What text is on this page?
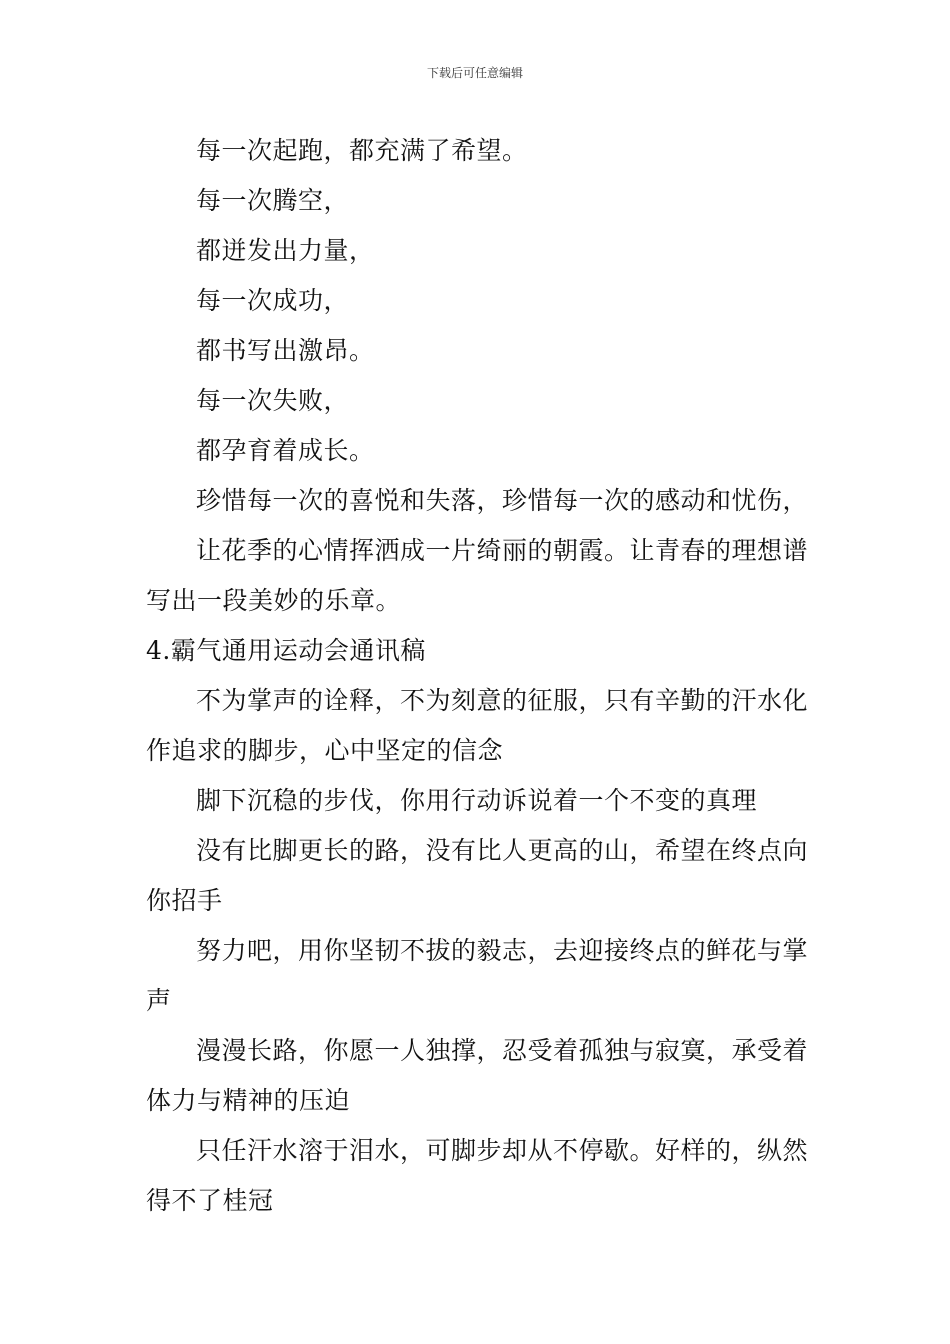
下载后可任意编辑

每一次起跑，都充满了希望。

每一次腾空，

都迸发出力量，

每一次成功，

都书写出激昂。

每一次失败，

都孕育着成长。

珍惜每一次的喜悦和失落，珍惜每一次的感动和忧伤，

让花季的心情挥洒成一片绮丽的朝霞。让青春的理想谱写出一段美妙的乐章。

4.霸气通用运动会通讯稿

不为掌声的诠释，不为刻意的征服，只有辛勤的汗水化作追求的脚步，心中坚定的信念

脚下沉稳的步伐，你用行动诉说着一个不变的真理

没有比脚更长的路，没有比人更高的山，希望在终点向你招手

努力吧，用你坚韧不拔的毅志，去迎接终点的鲜花与掌声

漫漫长路，你愿一人独撑，忍受着孤独与寂寞，承受着体力与精神的压迫

只任汗水溶于泪水，可脚步却从不停歇。好样的，纵然得不了桂冠
